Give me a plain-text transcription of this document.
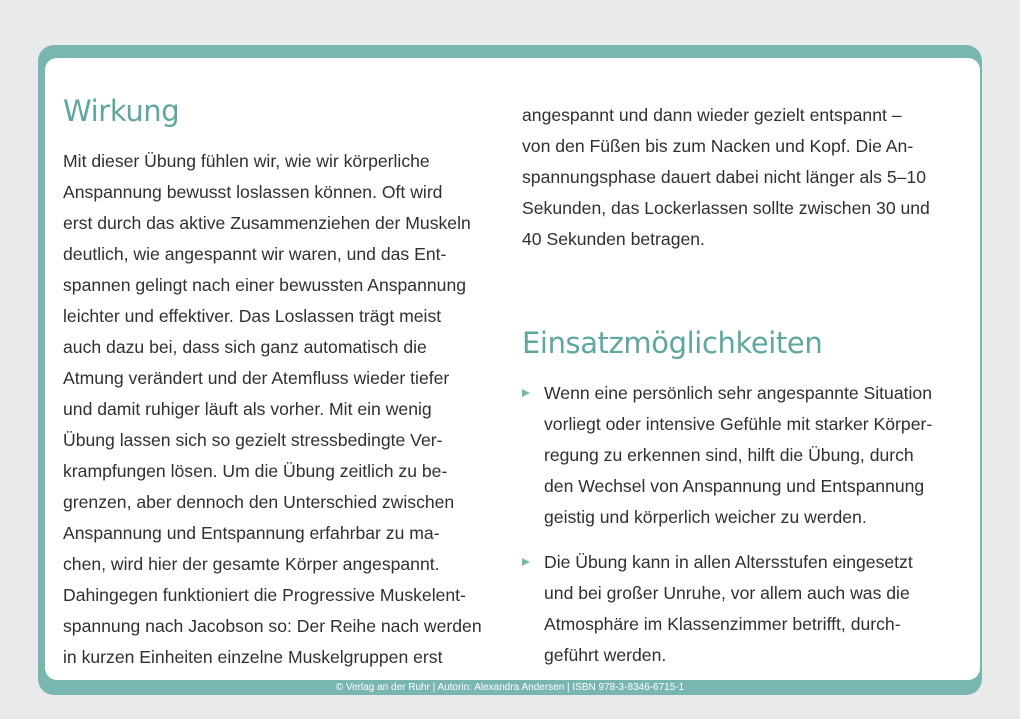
Wirkung
Mit dieser Übung fühlen wir, wie wir körperliche
Anspannung bewusst loslassen können. Oft wird
erst durch das aktive Zusammenziehen der Muskeln
deutlich, wie angespannt wir waren, und das Ent-
spannen gelingt nach einer bewussten Anspannung
leichter und effektiver. Das Loslassen trägt meist
auch dazu bei, dass sich ganz automatisch die
Atmung verändert und der Atemfluss wieder tiefer
und damit ruhiger läuft als vorher. Mit ein wenig
Übung lassen sich so gezielt stressbedingte Ver-
krampfungen lösen. Um die Übung zeitlich zu be-
grenzen, aber dennoch den Unterschied zwischen
Anspannung und Entspannung erfahrbar zu ma-
chen, wird hier der gesamte Körper angespannt.
Dahingegen funktioniert die Progressive Muskelent-
spannung nach Jacobson so: Der Reihe nach werden
in kurzen Einheiten einzelne Muskelgruppen erst
angespannt und dann wieder gezielt entspannt –
von den Füßen bis zum Nacken und Kopf. Die An-
spannungsphase dauert dabei nicht länger als 5–10
Sekunden, das Lockerlassen sollte zwischen 30 und
40 Sekunden betragen.
Einsatzmöglichkeiten
Wenn eine persönlich sehr angespannte Situation
vorliegt oder intensive Gefühle mit starker Körper-
regung zu erkennen sind, hilft die Übung, durch
den Wechsel von Anspannung und Entspannung
geistig und körperlich weicher zu werden.
Die Übung kann in allen Altersstufen eingesetzt
und bei großer Unruhe, vor allem auch was die
Atmosphäre im Klassenzimmer betrifft, durch-
geführt werden.
© Verlag an der Ruhr | Autorin: Alexandra Andersen | ISBN 978-3-8346-6715-1
